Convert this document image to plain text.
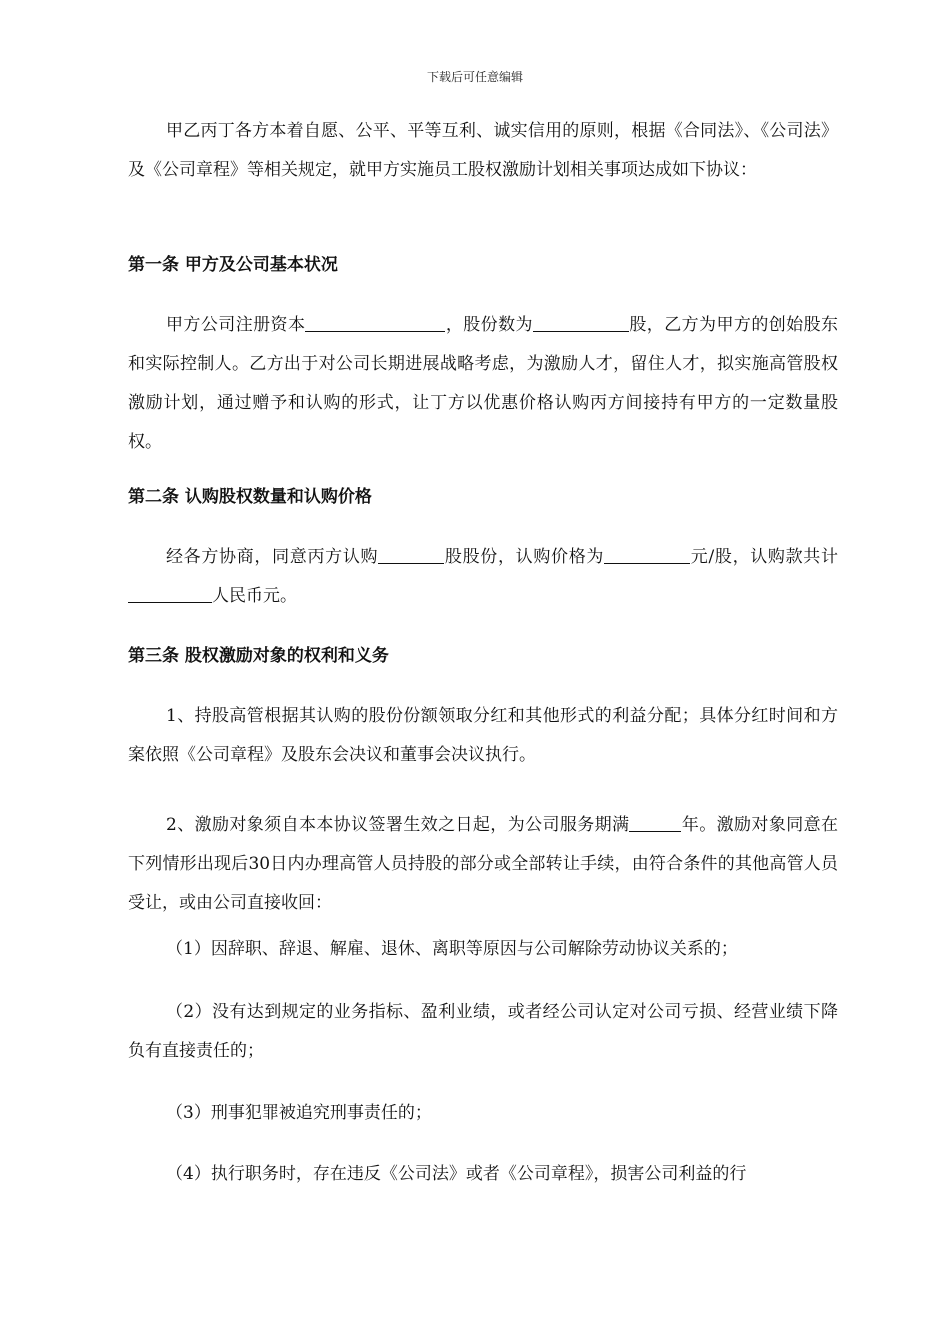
下载后可任意编辑

甲乙丙丁各方本着自愿、公平、平等互利、诚实信用的原则，根据《合同法》、《公司法》及《公司章程》等相关规定，就甲方实施员工股权激励计划相关事项达成如下协议：

第一条 甲方及公司基本状况

甲方公司注册资本	，股份数为	股，乙方为甲方的创始股东和实际控制人。乙方出于对公司长期进展战略考虑，为激励人才，留住人才，拟实施高管股权激励计划，通过赠予和认购的形式，让丁方以优惠价格认购丙方间接持有甲方的一定数量股权。

第二条 认购股权数量和认购价格

经各方协商，同意丙方认购	股股份，认购价格为	元/股，认购款共计人民币元。

第三条 股权激励对象的权利和义务

1、持股高管根据其认购的股份份额领取分红和其他形式的利益分配；具体分红时间和方案依照《公司章程》及股东会决议和董事会决议执行。

2、激励对象须自本本协议签署生效之日起，为公司服务期满	年。激励对象同意在下列情形出现后30日内办理高管人员持股的部分或全部转让手续，由符合条件的其他高管人员受让，或由公司直接收回：

（1）因辞职、辞退、解雇、退休、离职等原因与公司解除劳动协议关系的；

（2）没有达到规定的业务指标、盈利业绩，或者经公司认定对公司亏损、经营业绩下降负有直接责任的；

（3）刑事犯罪被追究刑事责任的；

（4）执行职务时，存在违反《公司法》或者《公司章程》，损害公司利益的行
